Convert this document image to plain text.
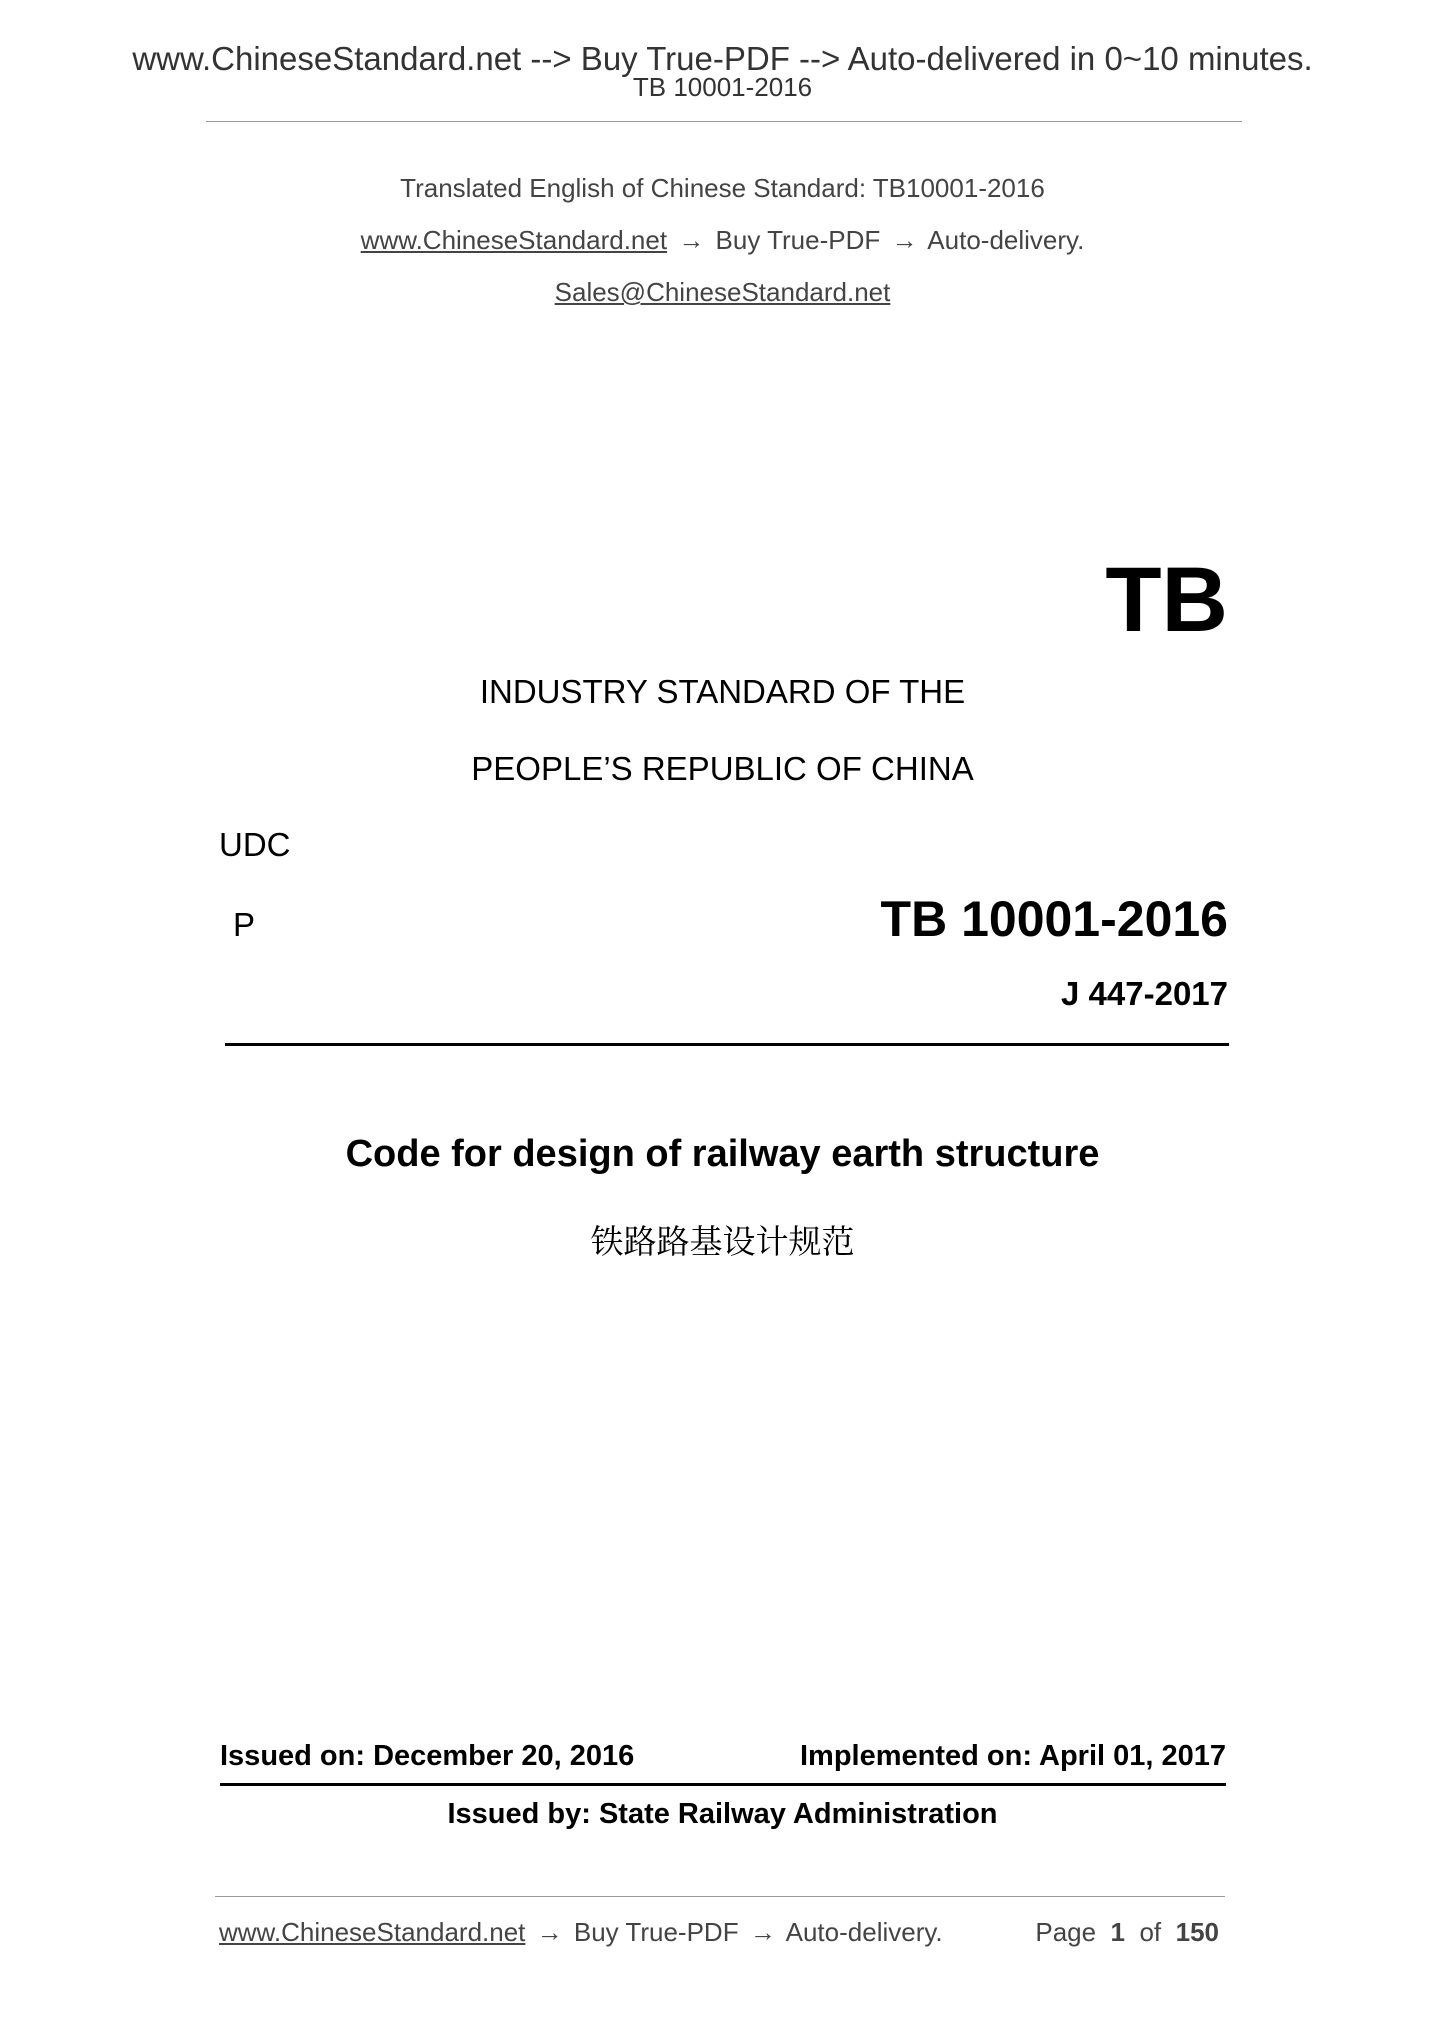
www.ChineseStandard.net --> Buy True-PDF --> Auto-delivered in 0~10 minutes.
TB 10001-2016
Translated English of Chinese Standard: TB10001-2016
www.ChineseStandard.net → Buy True-PDF → Auto-delivery.
Sales@ChineseStandard.net
TB
INDUSTRY STANDARD OF THE
PEOPLE’S REPUBLIC OF CHINA
UDC
P	TB 10001-2016
J 447-2017
Code for design of railway earth structure
铁路路基设计规范
Issued on: December 20, 2016	Implemented on: April 01, 2017
Issued by: State Railway Administration
www.ChineseStandard.net → Buy True-PDF → Auto-delivery.	Page 1 of 150
